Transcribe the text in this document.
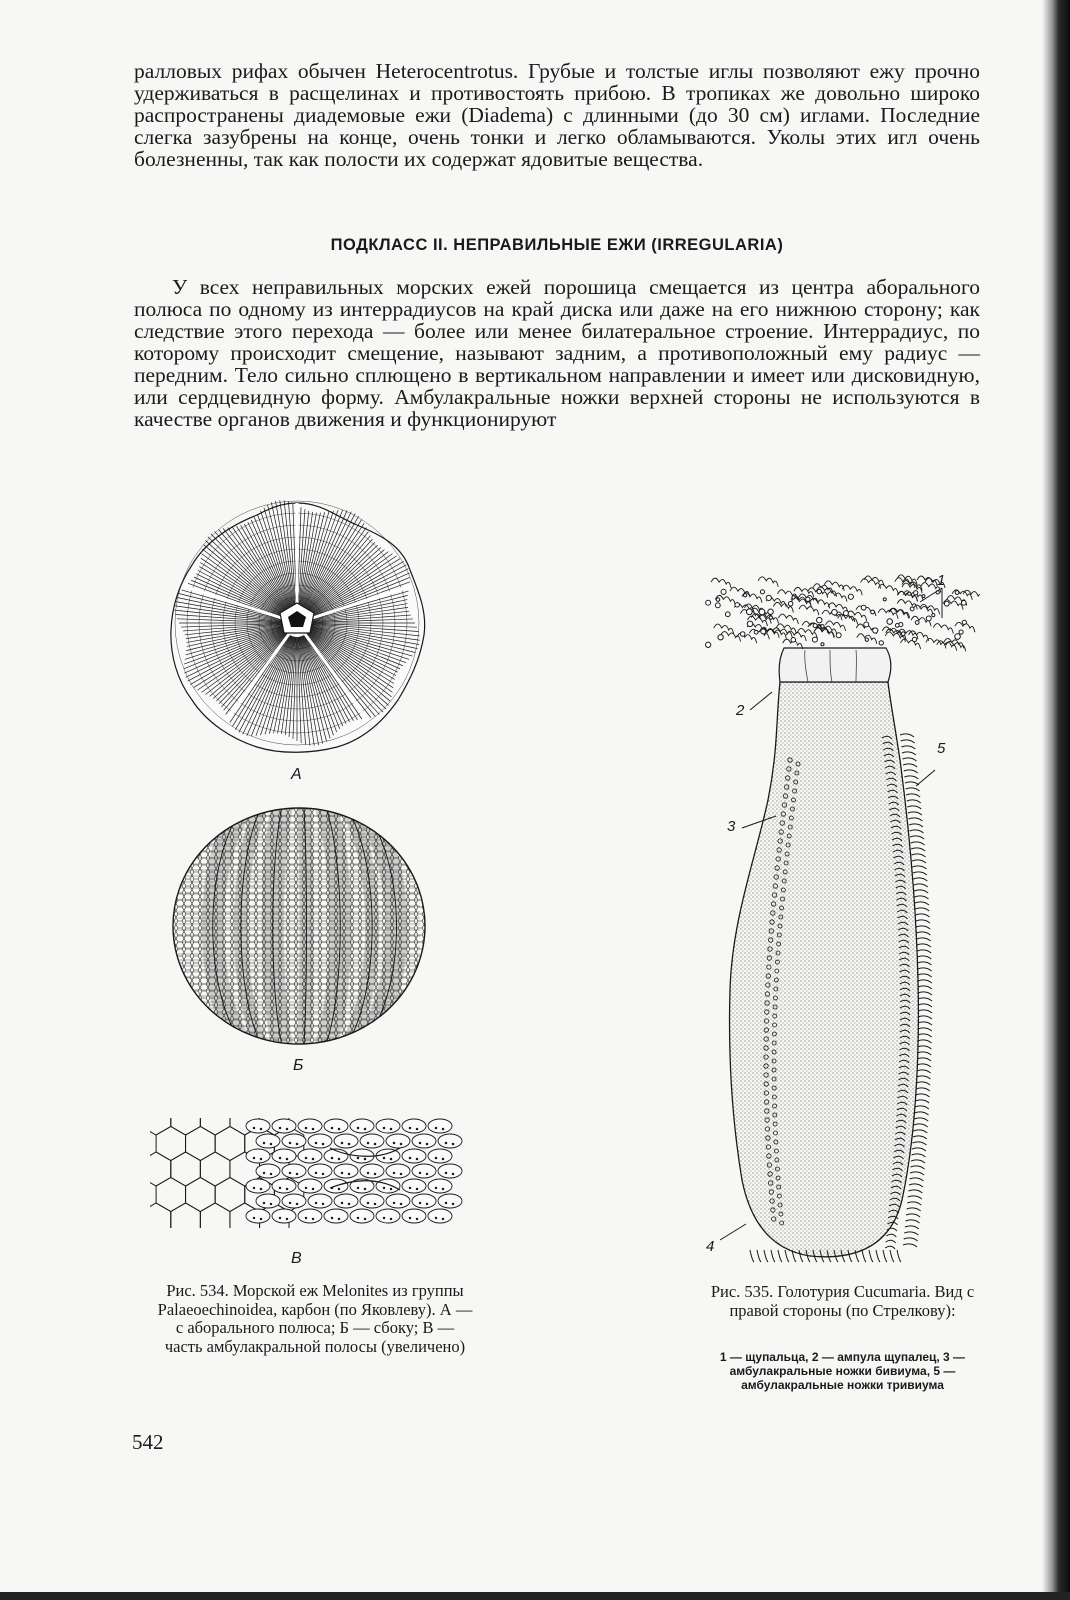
ралловых рифах обычен Heterocentrotus. Грубые и толстые иглы позволяют ежу прочно удерживаться в расщелинах и противостоять прибою. В тропиках же довольно широко распространены диадемовые ежи (Diadema) с длинными (до 30 см) иглами. Последние слегка зазубрены на конце, очень тонки и легко обламываются. Уколы этих игл очень болезненны, так как полости их содержат ядовитые вещества.

ПОДКЛАСС II. НЕПРАВИЛЬНЫЕ ЕЖИ (IRREGULARIA)

У всех неправильных морских ежей порошица смещается из центра аборального полюса по одному из интеррадиусов на край диска или даже на его нижнюю сторону; как следствие этого перехода — более или менее билатеральное строение. Интеррадиус, по которому происходит смещение, называют задним, а противоположный ему радиус — передним. Тело сильно сплющено в вертикальном направлении и имеет или дисковидную, или сердцевидную форму. Амбулакральные ножки верхней стороны не используются в качестве органов движения и функционируют

А
Б
В

Рис. 534. Морской еж Melonites из группы Palaeoechinoidea, карбон (по Яковлеву). А — с аборального полюса; Б — сбоку; В — часть амбулакральной полосы (увеличено)

1
2
5
3
4

Рис. 535. Голотурия Cucumaria. Вид с правой стороны (по Стрелкову):

1 — щупальца, 2 — ампула щупалец, 3 — амбулакральные ножки бивиума, 5 — амбулакральные ножки тривиума

542
